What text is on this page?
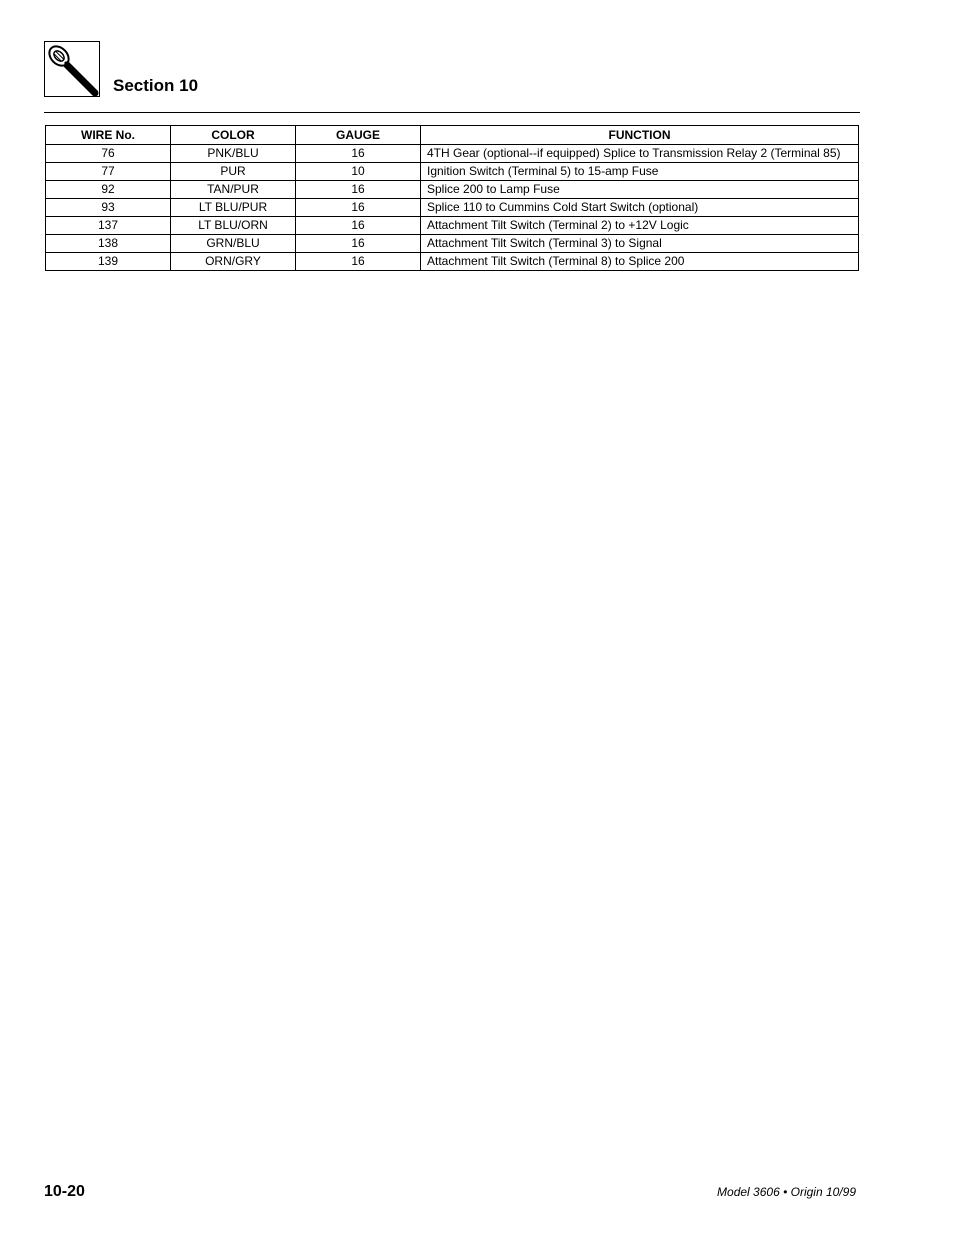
Section 10
WIRE No.	COLOR	GAUGE	FUNCTION
76	PNK/BLU	16	4TH Gear (optional--if equipped) Splice to Transmission Relay 2 (Terminal 85)
77	PUR	10	Ignition Switch (Terminal 5) to 15-amp Fuse
92	TAN/PUR	16	Splice 200 to Lamp Fuse
93	LT BLU/PUR	16	Splice 110 to Cummins Cold Start Switch (optional)
137	LT BLU/ORN	16	Attachment Tilt Switch (Terminal 2) to +12V Logic
138	GRN/BLU	16	Attachment Tilt Switch (Terminal 3) to Signal
139	ORN/GRY	16	Attachment Tilt Switch (Terminal 8) to Splice 200
10-20	Model 3606 • Origin 10/99
